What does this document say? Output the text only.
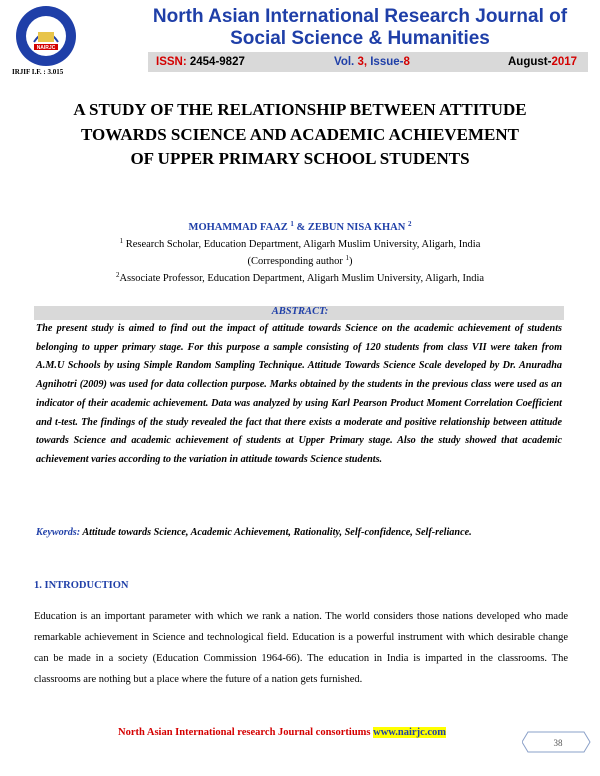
NAIRJC
IRJIF I.F. : 3.015
North Asian International Research Journal of
Social Science & Humanities
ISSN: 2454-9827	Vol. 3, Issue-8	August-2017
A STUDY OF THE RELATIONSHIP BETWEEN ATTITUDE
TOWARDS SCIENCE AND ACADEMIC ACHIEVEMENT
OF UPPER PRIMARY SCHOOL STUDENTS
MOHAMMAD FAAZ $^1$ & ZEBUN NISA KHAN $^2$
$^1$ Research Scholar, Education Department, Aligarh Muslim University, Aligarh, India
(Corresponding author $^1$)
$^2$Associate Professor, Education Department, Aligarh Muslim University, Aligarh, India
ABSTRACT:
The present study is aimed to find out the impact of attitude towards Science on the academic achievement of students belonging to upper primary stage. For this purpose a sample consisting of 120 students from class VII were taken from A.M.U Schools by using Simple Random Sampling Technique. Attitude Towards Science Scale developed by Dr. Anuradha Agnihotri (2009) was used for data collection purpose. Marks obtained by the students in the previous class were used as an indicator of their academic achievement. Data was analyzed by using Karl Pearson Product Moment Correlation Coefficient and t-test. The findings of the study revealed the fact that there exists a moderate and positive relationship between attitude towards Science and academic achievement of students at Upper Primary stage. Also the study showed that academic achievement varies according to the variation in attitude towards Science students.
Keywords: Attitude towards Science, Academic Achievement, Rationality, Self-confidence, Self-reliance.
1. INTRODUCTION
Education is an important parameter with which we rank a nation. The world considers those nations developed who made remarkable achievement in Science and technological field. Education is a powerful instrument with which desirable change can be made in a society (Education Commission 1964-66). The education in India is imparted in the classrooms. The classrooms are nothing but a place where the future of a nation gets furnished.
North Asian International research Journal consortiums www.nairjc.com
38
